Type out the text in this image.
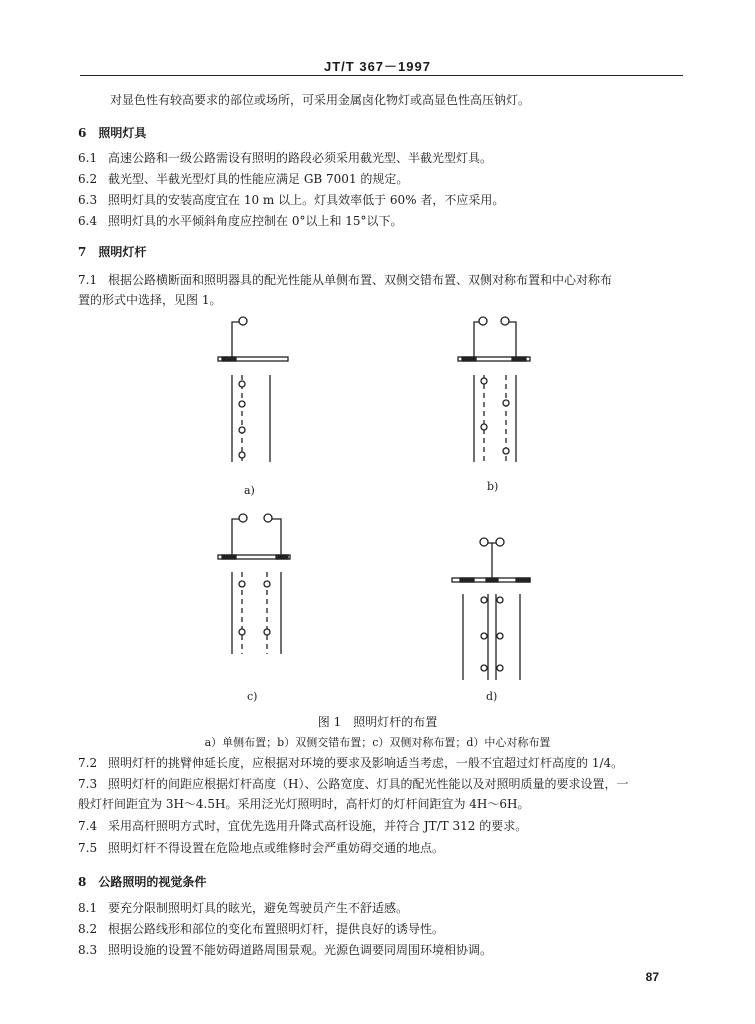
JT/T 367－1997
对显色性有较高要求的部位或场所，可采用金属卤化物灯或高显色性高压钠灯。
6　照明灯具
6.1 高速公路和一级公路需设有照明的路段必须采用截光型、半截光型灯具。
6.2 截光型、半截光型灯具的性能应满足 GB 7001 的规定。
6.3 照明灯具的安装高度宜在 10 m 以上。灯具效率低于 60% 者，不应采用。
6.4 照明灯具的水平倾斜角度应控制在 0°以上和 15°以下。
7　照明灯杆
7.1 根据公路横断面和照明器具的配光性能从单侧布置、双侧交错布置、双侧对称布置和中心对称布
置的形式中选择，见图 1。
a)	b)
c)	d)
图 1　照明灯杆的布置
a）单侧布置；b）双侧交错布置；c）双侧对称布置；d）中心对称布置
7.2 照明灯杆的挑臂伸延长度，应根据对环境的要求及影响适当考虑，一般不宜超过灯杆高度的 1/4。
7.3 照明灯杆的间距应根据灯杆高度（H）、公路宽度、灯具的配光性能以及对照明质量的要求设置，一
般灯杆间距宜为 3H～4.5H。采用泛光灯照明时，高杆灯的灯杆间距宜为 4H～6H。
7.4 采用高杆照明方式时，宜优先选用升降式高杆设施，并符合 JT/T 312 的要求。
7.5 照明灯杆不得设置在危险地点或维修时会严重妨碍交通的地点。
8　公路照明的视觉条件
8.1 要充分限制照明灯具的眩光，避免驾驶员产生不舒适感。
8.2 根据公路线形和部位的变化布置照明灯杆，提供良好的诱导性。
8.3 照明设施的设置不能妨碍道路周围景观。光源色调要同周围环境相协调。
87
